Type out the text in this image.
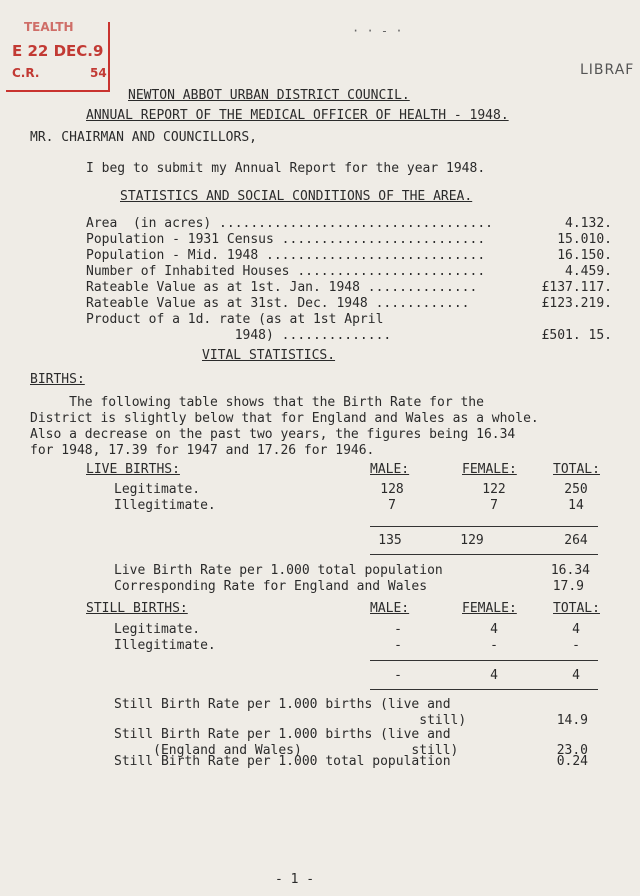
TEALTH
E 22 DEC.9
C.R.	54
· · - ·
LIBRAF
NEWTON ABBOT URBAN DISTRICT COUNCIL.
ANNUAL REPORT OF THE MEDICAL OFFICER OF HEALTH - 1948.
MR. CHAIRMAN AND COUNCILLORS,
I beg to submit my Annual Report for the year 1948.
STATISTICS AND SOCIAL CONDITIONS OF THE AREA.
Area  (in acres) ...................................	4.132.
Population - 1931 Census ..........................	15.010.
Population - Mid. 1948 ............................	16.150.
Number of Inhabited Houses ........................	4.459.
Rateable Value as at 1st. Jan. 1948 ..............	£137.117.
Rateable Value as at 31st. Dec. 1948 ............	£123.219.
Product of a 1d. rate (as at 1st April
1948) ..............	£501. 15.
VITAL STATISTICS.
BIRTHS:
The following table shows that the Birth Rate for the
District is slightly below that for England and Wales as a whole.
Also a decrease on the past two years, the figures being 16.34
for 1948, 17.39 for 1947 and 17.26 for 1946.
LIVE BIRTHS:	MALE:	FEMALE:	TOTAL:
Legitimate.	128	122	250
Illegitimate.	7	7	14
135	129	264
Live Birth Rate per 1.000 total population	16.34
Corresponding Rate for England and Wales	17.9
STILL BIRTHS:	MALE:	FEMALE:	TOTAL:
Legitimate.	-	4	4
Illegitimate.	-	-	-
-	4	4
Still Birth Rate per 1.000 births (live and
still)	14.9
Still Birth Rate per 1.000 births (live and
(England and Wales)              still)	23.0
Still Birth Rate per 1.000 total population	0.24
- 1 -
